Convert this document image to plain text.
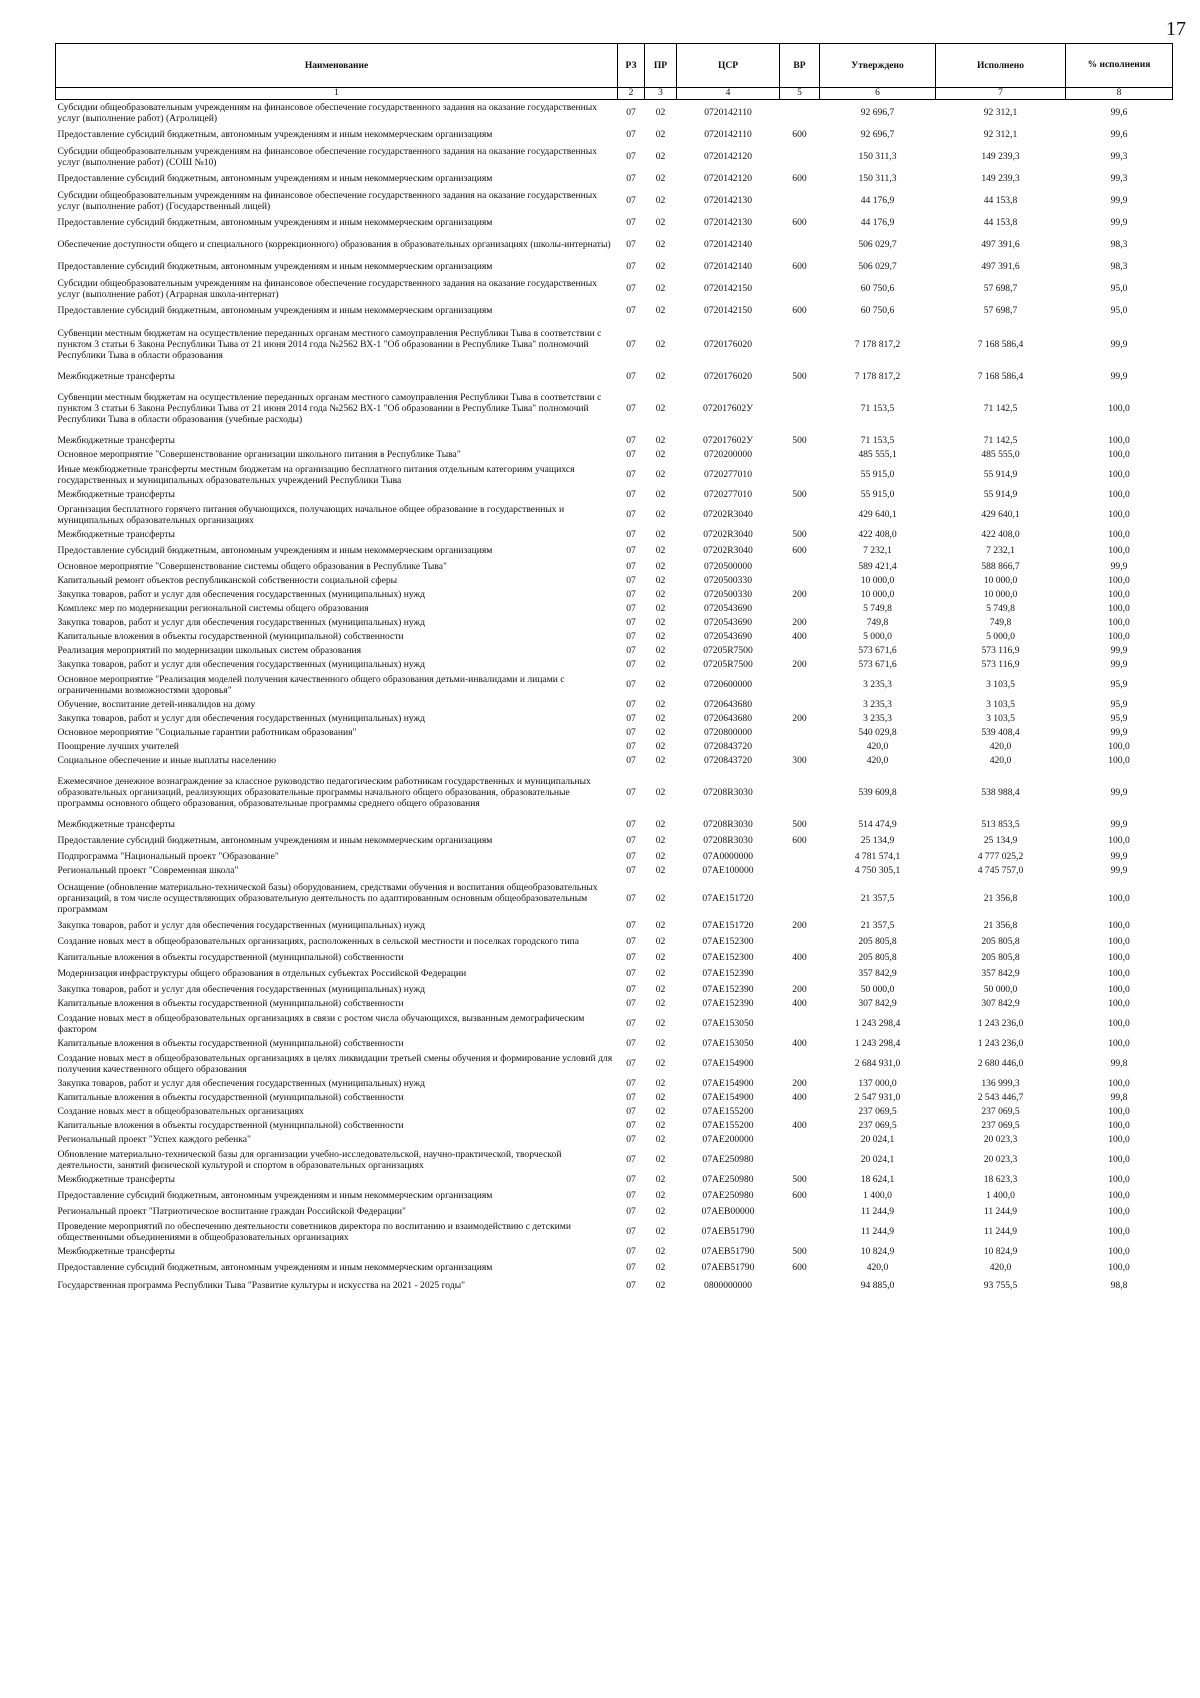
17
Наименование	РЗ	ПР	ЦСР	ВР	Утверждено	Исполнено	% исполнения
1	2	3	4	5	6	7	8
Субсидии общеобразовательным учреждениям на финансовое обеспечение государственного задания на оказание государственных услуг (выполнение работ) (Агролицей)	07	02	0720142110		92 696,7	92 312,1	99,6
Предоставление субсидий бюджетным, автономным учреждениям и иным некоммерческим организациям	07	02	0720142110	600	92 696,7	92 312,1	99,6
Субсидии общеобразовательным учреждениям на финансовое обеспечение государственного задания на оказание государственных услуг (выполнение работ) (СОШ №10)	07	02	0720142120		150 311,3	149 239,3	99,3
Предоставление субсидий бюджетным, автономным учреждениям и иным некоммерческим организациям	07	02	0720142120	600	150 311,3	149 239,3	99,3
Субсидии общеобразовательным учреждениям на финансовое обеспечение государственного задания на оказание государственных услуг (выполнение работ) (Государственный лицей)	07	02	0720142130		44 176,9	44 153,8	99,9
Предоставление субсидий бюджетным, автономным учреждениям и иным некоммерческим организациям	07	02	0720142130	600	44 176,9	44 153,8	99,9
Обеспечение доступности общего и специального (коррекционного) образования в образовательных организациях (школы-интернаты)	07	02	0720142140		506 029,7	497 391,6	98,3
Предоставление субсидий бюджетным, автономным учреждениям и иным некоммерческим организациям	07	02	0720142140	600	506 029,7	497 391,6	98,3
Субсидии общеобразовательным учреждениям на финансовое обеспечение государственного задания на оказание государственных услуг (выполнение работ) (Аграрная школа-интернат)	07	02	0720142150		60 750,6	57 698,7	95,0
Предоставление субсидий бюджетным, автономным учреждениям и иным некоммерческим организациям	07	02	0720142150	600	60 750,6	57 698,7	95,0
Субвенции местным бюджетам на осуществление переданных органам местного самоуправления Республики Тыва в соответствии с пунктом 3 статьи 6 Закона Республики Тыва от 21 июня 2014 года №2562 ВХ-1 "Об образовании в Республике Тыва" полномочий Республики Тыва в области образования	07	02	0720176020		7 178 817,2	7 168 586,4	99,9
Межбюджетные трансферты	07	02	0720176020	500	7 178 817,2	7 168 586,4	99,9
Субвенции местным бюджетам на осуществление переданных органам местного самоуправления Республики Тыва в соответствии с пунктом 3 статьи 6 Закона Республики Тыва от 21 июня 2014 года №2562 ВХ-1 "Об образовании в Республике Тыва" полномочий Республики Тыва в области образования (учебные расходы)	07	02	072017602У		71 153,5	71 142,5	100,0
Межбюджетные трансферты	07	02	072017602У	500	71 153,5	71 142,5	100,0
Основное мероприятие "Совершенствование организации школьного питания в Республике Тыва"	07	02	0720200000		485 555,1	485 555,0	100,0
Иные межбюджетные трансферты местным бюджетам на организацию бесплатного питания отдельным категориям учащихся государственных и муниципальных образовательных учреждений Республики Тыва	07	02	0720277010		55 915,0	55 914,9	100,0
Межбюджетные трансферты	07	02	0720277010	500	55 915,0	55 914,9	100,0
Организация бесплатного горячего питания обучающихся, получающих начальное общее образование в государственных и муниципальных образовательных организациях	07	02	07202R3040		429 640,1	429 640,1	100,0
Межбюджетные трансферты	07	02	07202R3040	500	422 408,0	422 408,0	100,0
Предоставление субсидий бюджетным, автономным учреждениям и иным некоммерческим организациям	07	02	07202R3040	600	7 232,1	7 232,1	100,0
Основное мероприятие "Совершенствование системы общего образования в Республике Тыва"	07	02	0720500000		589 421,4	588 866,7	99,9
Капитальный ремонт объектов республиканской собственности социальной сферы	07	02	0720500330		10 000,0	10 000,0	100,0
Закупка товаров, работ и услуг для обеспечения государственных (муниципальных) нужд	07	02	0720500330	200	10 000,0	10 000,0	100,0
Комплекс мер по модернизации региональной системы общего образования	07	02	0720543690		5 749,8	5 749,8	100,0
Закупка товаров, работ и услуг для обеспечения государственных (муниципальных) нужд	07	02	0720543690	200	749,8	749,8	100,0
Капитальные вложения в объекты государственной (муниципальной) собственности	07	02	0720543690	400	5 000,0	5 000,0	100,0
Реализация мероприятий по модернизации школьных систем образования	07	02	07205R7500		573 671,6	573 116,9	99,9
Закупка товаров, работ и услуг для обеспечения государственных (муниципальных) нужд	07	02	07205R7500	200	573 671,6	573 116,9	99,9
Основное мероприятие "Реализация моделей получения качественного общего образования детьми-инвалидами и лицами с ограниченными возможностями здоровья"	07	02	0720600000		3 235,3	3 103,5	95,9
Обучение, воспитание детей-инвалидов на дому	07	02	0720643680		3 235,3	3 103,5	95,9
Закупка товаров, работ и услуг для обеспечения государственных (муниципальных) нужд	07	02	0720643680	200	3 235,3	3 103,5	95,9
Основное мероприятие "Социальные гарантии работникам образования"	07	02	0720800000		540 029,8	539 408,4	99,9
Поощрение лучших учителей	07	02	0720843720		420,0	420,0	100,0
Социальное обеспечение и иные выплаты населению	07	02	0720843720	300	420,0	420,0	100,0
Ежемесячное денежное вознаграждение за классное руководство педагогическим работникам государственных и муниципальных образовательных организаций, реализующих образовательные программы начального общего образования, образовательные программы основного общего образования, образовательные программы среднего общего образования	07	02	07208R3030		539 609,8	538 988,4	99,9
Межбюджетные трансферты	07	02	07208R3030	500	514 474,9	513 853,5	99,9
Предоставление субсидий бюджетным, автономным учреждениям и иным некоммерческим организациям	07	02	07208R3030	600	25 134,9	25 134,9	100,0
Подпрограмма "Национальный проект "Образование"	07	02	07А0000000		4 781 574,1	4 777 025,2	99,9
Региональный проект "Современная школа"	07	02	07АЕ100000		4 750 305,1	4 745 757,0	99,9
Оснащение (обновление материально-технической базы) оборудованием, средствами обучения и воспитания общеобразовательных организаций, в том числе осуществляющих образовательную деятельность по адаптированным основным общеобразовательным программам	07	02	07АЕ151720		21 357,5	21 356,8	100,0
Закупка товаров, работ и услуг для обеспечения государственных (муниципальных) нужд	07	02	07АЕ151720	200	21 357,5	21 356,8	100,0
Создание новых мест в общеобразовательных организациях, расположенных в сельской местности и поселках городского типа	07	02	07АЕ152300		205 805,8	205 805,8	100,0
Капитальные вложения в объекты государственной (муниципальной) собственности	07	02	07АЕ152300	400	205 805,8	205 805,8	100,0
Модернизация инфраструктуры общего образования в отдельных субъектах Российской Федерации	07	02	07АЕ152390		357 842,9	357 842,9	100,0
Закупка товаров, работ и услуг для обеспечения государственных (муниципальных) нужд	07	02	07АЕ152390	200	50 000,0	50 000,0	100,0
Капитальные вложения в объекты государственной (муниципальной) собственности	07	02	07АЕ152390	400	307 842,9	307 842,9	100,0
Создание новых мест в общеобразовательных организациях в связи с ростом числа обучающихся, вызванным демографическим фактором	07	02	07АЕ153050		1 243 298,4	1 243 236,0	100,0
Капитальные вложения в объекты государственной (муниципальной) собственности	07	02	07АЕ153050	400	1 243 298,4	1 243 236,0	100,0
Создание новых мест в общеобразовательных организациях в целях ликвидации третьей смены обучения и формирование условий для получения качественного общего образования	07	02	07АЕ154900		2 684 931,0	2 680 446,0	99,8
Закупка товаров, работ и услуг для обеспечения государственных (муниципальных) нужд	07	02	07АЕ154900	200	137 000,0	136 999,3	100,0
Капитальные вложения в объекты государственной (муниципальной) собственности	07	02	07АЕ154900	400	2 547 931,0	2 543 446,7	99,8
Создание новых мест в общеобразовательных организациях	07	02	07АЕ155200		237 069,5	237 069,5	100,0
Капитальные вложения в объекты государственной (муниципальной) собственности	07	02	07АЕ155200	400	237 069,5	237 069,5	100,0
Региональный проект "Успех каждого ребенка"	07	02	07АЕ200000		20 024,1	20 023,3	100,0
Обновление материально-технической базы для организации учебно-исследовательской, научно-практической, творческой деятельности, занятий физической культурой и спортом в образовательных организациях	07	02	07АЕ250980		20 024,1	20 023,3	100,0
Межбюджетные трансферты	07	02	07АЕ250980	500	18 624,1	18 623,3	100,0
Предоставление субсидий бюджетным, автономным учреждениям и иным некоммерческим организациям	07	02	07АЕ250980	600	1 400,0	1 400,0	100,0
Региональный проект "Патриотическое воспитание граждан Российской Федерации"	07	02	07АЕВ00000		11 244,9	11 244,9	100,0
Проведение мероприятий по обеспечению деятельности советников директора по воспитанию и взаимодействию с детскими общественными объединениями в общеобразовательных организациях	07	02	07АЕВ51790		11 244,9	11 244,9	100,0
Межбюджетные трансферты	07	02	07АЕВ51790	500	10 824,9	10 824,9	100,0
Предоставление субсидий бюджетным, автономным учреждениям и иным некоммерческим организациям	07	02	07АЕВ51790	600	420,0	420,0	100,0
Государственная программа Республики Тыва "Развитие культуры и искусства на 2021 - 2025 годы"	07	02	0800000000		94 885,0	93 755,5	98,8
